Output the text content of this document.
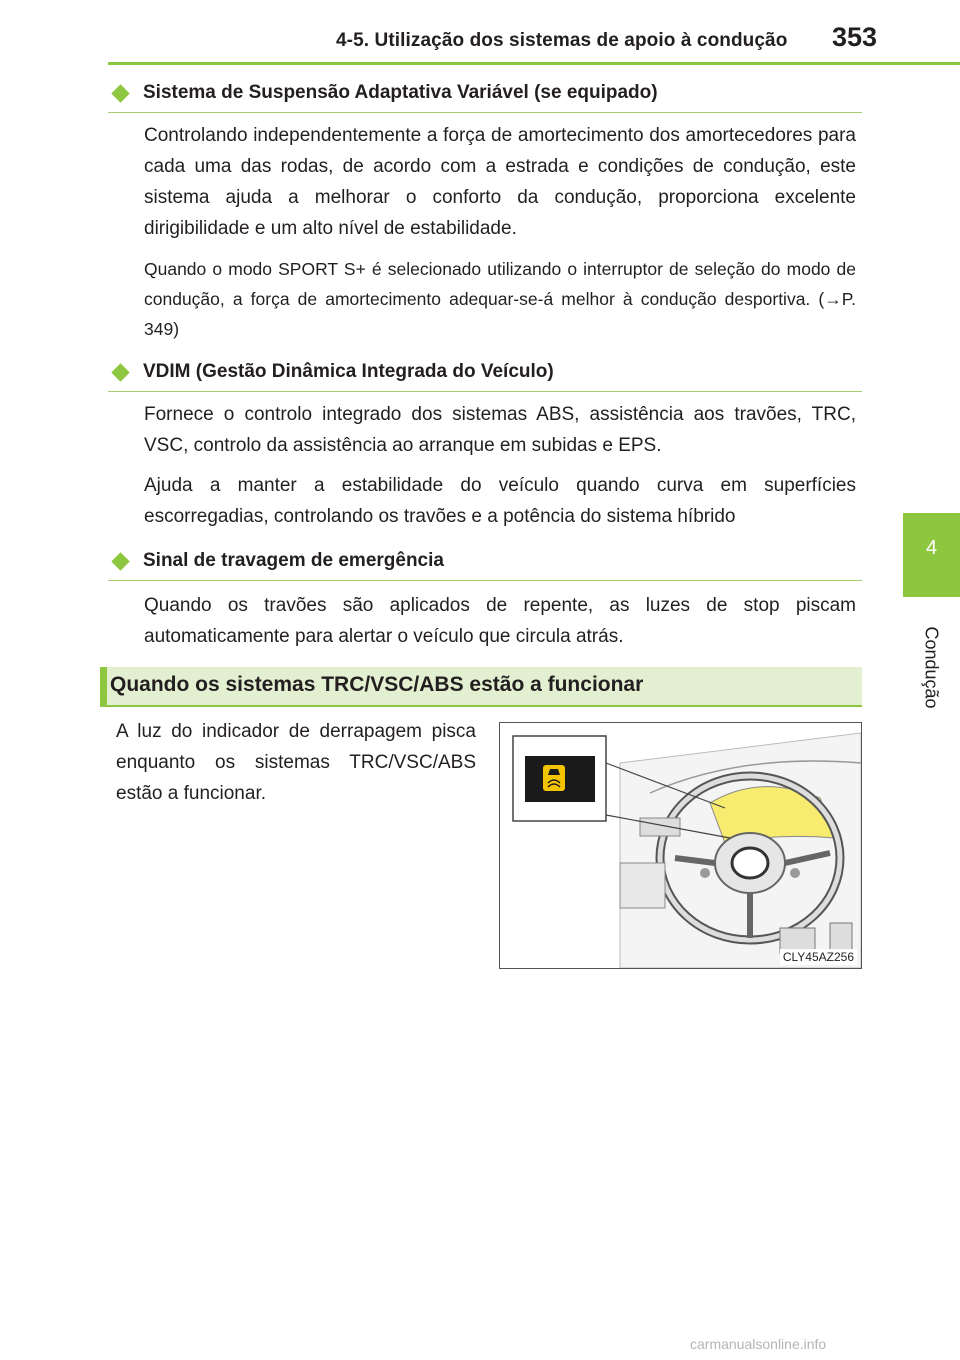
4-5. Utilização dos sistemas de apoio à condução 353
4
Condução
Sistema de Suspensão Adaptativa Variável (se equipado)

Controlando independentemente a força de amortecimento dos amortecedores para cada uma das rodas, de acordo com a estrada e condições de condução, este sistema ajuda a melhorar o conforto da condução, proporciona excelente dirigibilidade e um alto nível de estabilidade.

Quando o modo SPORT S+ é selecionado utilizando o interruptor de seleção do modo de condução, a força de amortecimento adequar-se-á melhor à condução desportiva. (→P. 349)

VDIM (Gestão Dinâmica Integrada do Veículo)

Fornece o controlo integrado dos sistemas ABS, assistência aos travões, TRC, VSC, controlo da assistência ao arranque em subidas e EPS.

Ajuda a manter a estabilidade do veículo quando curva em superfícies escorregadias, controlando os travões e a potência do sistema híbrido

Sinal de travagem de emergência

Quando os travões são aplicados de repente, as luzes de stop piscam automaticamente para alertar o veículo que circula atrás.

Quando os sistemas TRC/VSC/ABS estão a funcionar

A luz do indicador de derrapagem pisca enquanto os sistemas TRC/VSC/ABS estão a funcionar.

CLY45AZ256
carmanualsonline.info
